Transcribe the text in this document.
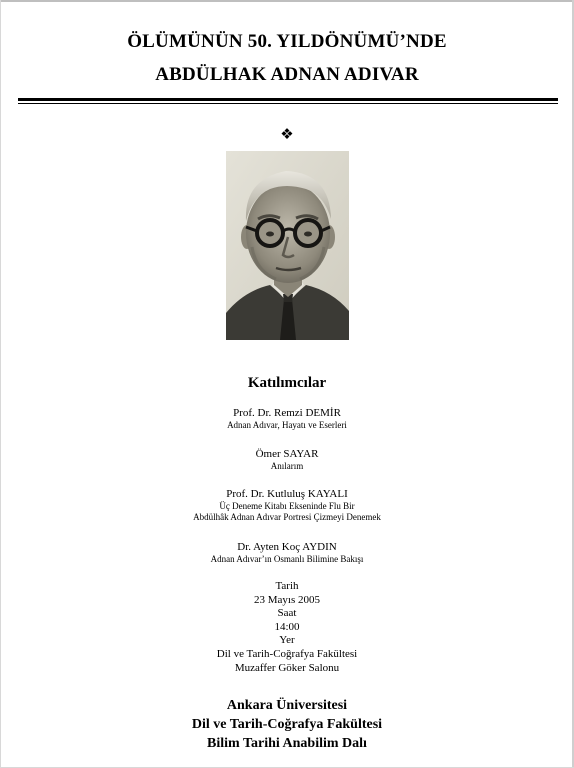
ÖLÜMÜNÜN 50. YILDÖNÜMÜ’NDE
ABDÜLHAK ADNAN ADIVAR
❖
Katılımcılar
Prof. Dr. Remzi DEMİR
Adnan Adıvar, Hayatı ve Eserleri
Ömer SAYAR
Anılarım
Prof. Dr. Kutluluş KAYALI
Üç Deneme Kitabı Ekseninde Flu Bir
Abdülhâk Adnan Adıvar Portresi Çizmeyi Denemek
Dr. Ayten Koç AYDIN
Adnan Adıvar’ın Osmanlı Bilimine Bakışı
Tarih
23 Mayıs 2005
Saat
14:00
Yer
Dil ve Tarih-Coğrafya Fakültesi
Muzaffer Göker Salonu
Ankara Üniversitesi
Dil ve Tarih-Coğrafya Fakültesi
Bilim Tarihi Anabilim Dalı
